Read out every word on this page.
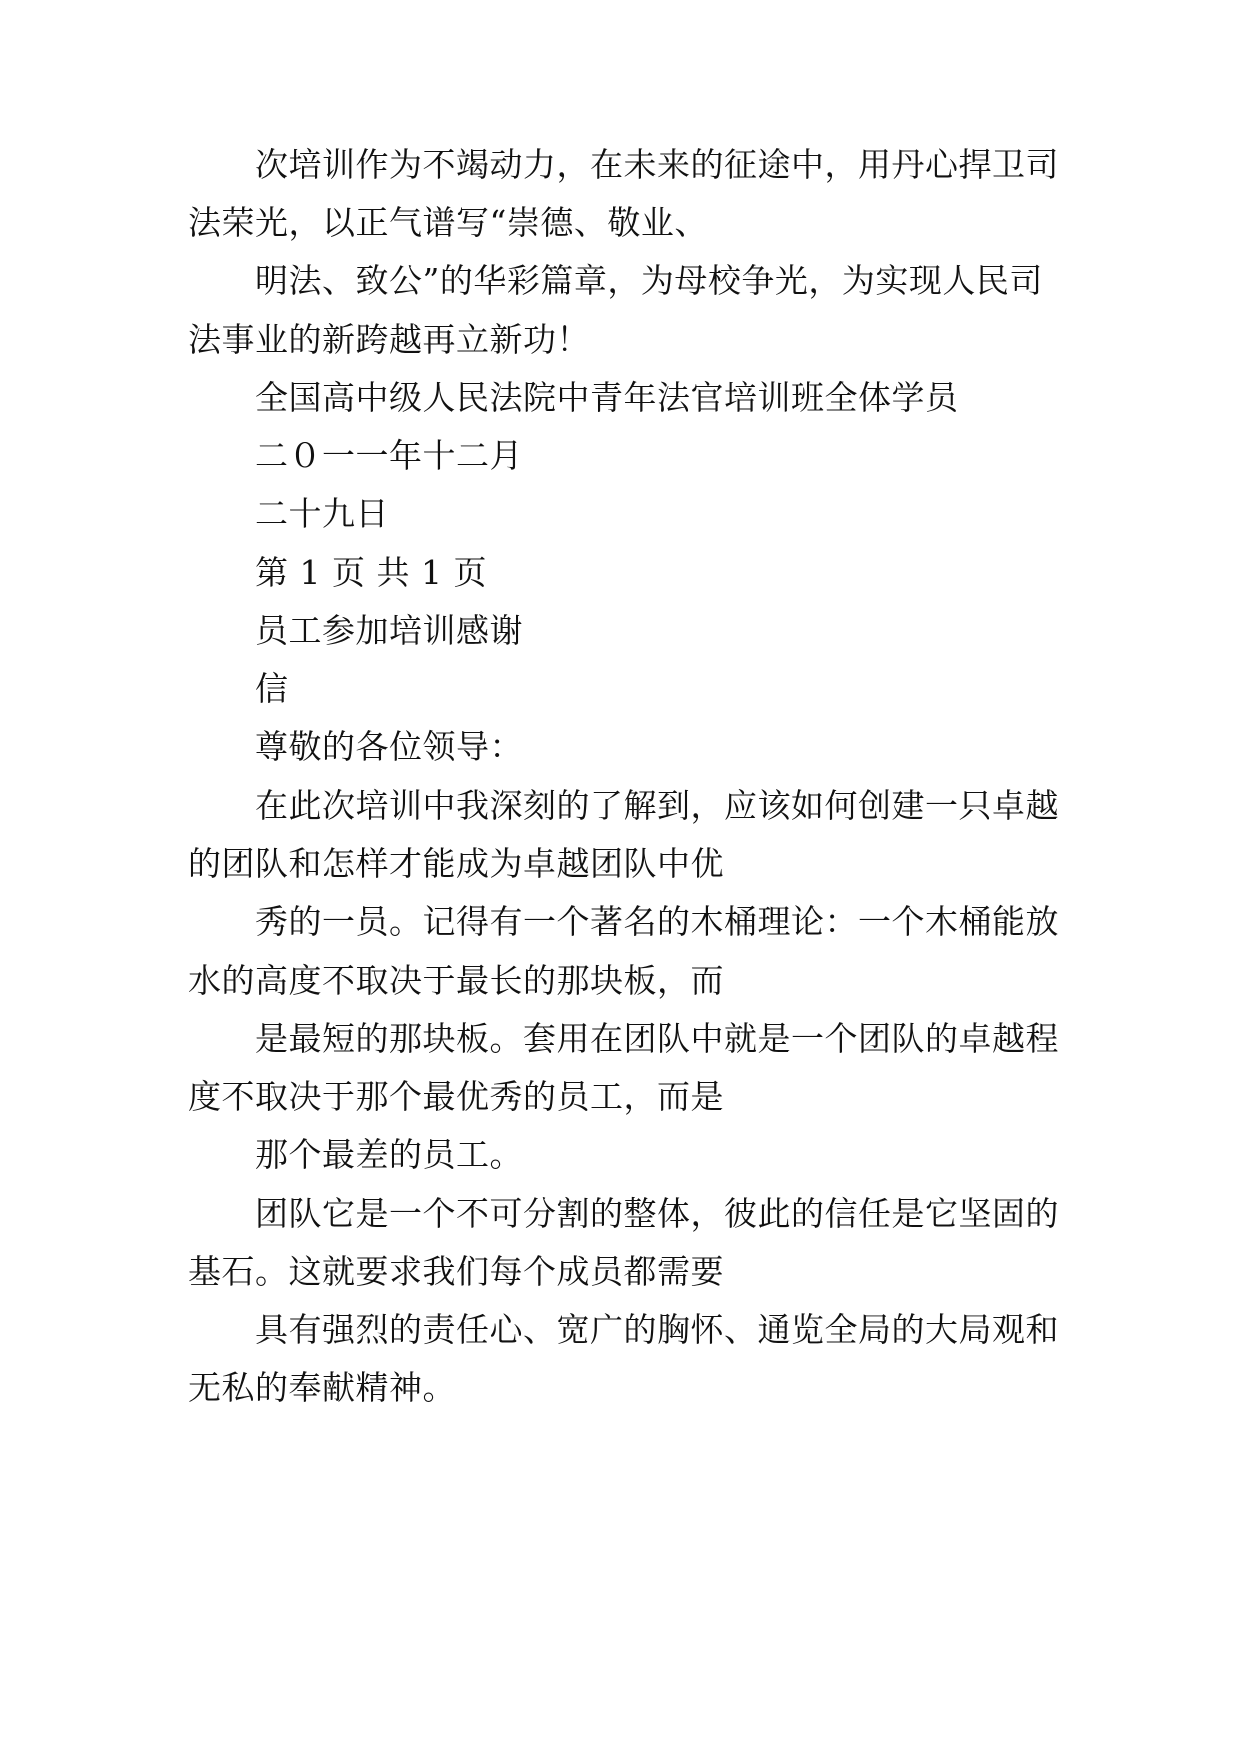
次培训作为不竭动力，在未来的征途中，用丹心捍卫司
法荣光，以正气谱写“崇德、敬业、
明法、致公”的华彩篇章，为母校争光，为实现人民司
法事业的新跨越再立新功！
全国高中级人民法院中青年法官培训班全体学员
二０一一年十二月
二十九日
第 1 页 共 1 页
员工参加培训感谢
信
尊敬的各位领导：
在此次培训中我深刻的了解到，应该如何创建一只卓越
的团队和怎样才能成为卓越团队中优
秀的一员。记得有一个著名的木桶理论：一个木桶能放
水的高度不取决于最长的那块板，而
是最短的那块板。套用在团队中就是一个团队的卓越程
度不取决于那个最优秀的员工，而是
那个最差的员工。
团队它是一个不可分割的整体，彼此的信任是它坚固的
基石。这就要求我们每个成员都需要
具有强烈的责任心、宽广的胸怀、通览全局的大局观和
无私的奉献精神。
